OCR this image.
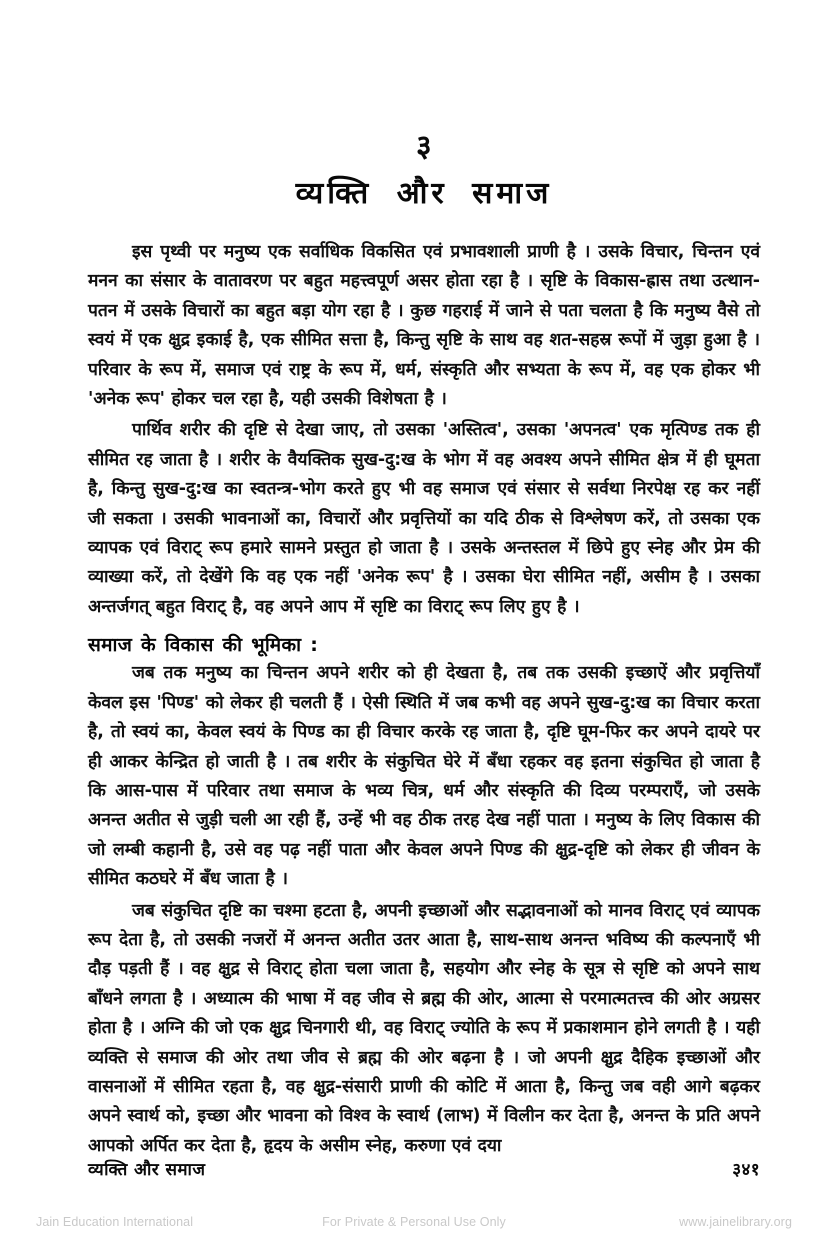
३
व्यक्ति और समाज

इस पृथ्वी पर मनुष्य एक सर्वाधिक विकसित एवं प्रभावशाली प्राणी है । उसके विचार, चिन्तन एवं मनन का संसार के वातावरण पर बहुत महत्त्वपूर्ण असर होता रहा है । सृष्टि के विकास-ह्रास तथा उत्थान-पतन में उसके विचारों का बहुत बड़ा योग रहा है । कुछ गहराई में जाने से पता चलता है कि मनुष्य वैसे तो स्वयं में एक क्षुद्र इकाई है, एक सीमित सत्ता है, किन्तु सृष्टि के साथ वह शत-सहस्र रूपों में जुड़ा हुआ है । परिवार के रूप में, समाज एवं राष्ट्र के रूप में, धर्म, संस्कृति और सभ्यता के रूप में, वह एक होकर भी 'अनेक रूप' होकर चल रहा है, यही उसकी विशेषता है ।

पार्थिव शरीर की दृष्टि से देखा जाए, तो उसका 'अस्तित्व', उसका 'अपनत्व' एक मृत्पिण्ड तक ही सीमित रह जाता है । शरीर के वैयक्तिक सुख-दु:ख के भोग में वह अवश्य अपने सीमित क्षेत्र में ही घूमता है, किन्तु सुख-दु:ख का स्वतन्त्र-भोग करते हुए भी वह समाज एवं संसार से सर्वथा निरपेक्ष रह कर नहीं जी सकता । उसकी भावनाओं का, विचारों और प्रवृत्तियों का यदि ठीक से विश्लेषण करें, तो उसका एक व्यापक एवं विराट् रूप हमारे सामने प्रस्तुत हो जाता है । उसके अन्तस्तल में छिपे हुए स्नेह और प्रेम की व्याख्या करें, तो देखेंगे कि वह एक नहीं 'अनेक रूप' है । उसका घेरा सीमित नहीं, असीम है । उसका अन्तर्जगत् बहुत विराट् है, वह अपने आप में सृष्टि का विराट् रूप लिए हुए है ।

समाज के विकास की भूमिका :

जब तक मनुष्य का चिन्तन अपने शरीर को ही देखता है, तब तक उसकी इच्छाऐं और प्रवृत्तियाँ केवल इस 'पिण्ड' को लेकर ही चलती हैं । ऐसी स्थिति में जब कभी वह अपने सुख-दु:ख का विचार करता है, तो स्वयं का, केवल स्वयं के पिण्ड का ही विचार करके रह जाता है, दृष्टि घूम-फिर कर अपने दायरे पर ही आकर केन्द्रित हो जाती है । तब शरीर के संकुचित घेरे में बँधा रहकर वह इतना संकुचित हो जाता है कि आस-पास में परिवार तथा समाज के भव्य चित्र, धर्म और संस्कृति की दिव्य परम्पराएँ, जो उसके अनन्त अतीत से जुड़ी चली आ रही हैं, उन्हें भी वह ठीक तरह देख नहीं पाता । मनुष्य के लिए विकास की जो लम्बी कहानी है, उसे वह पढ़ नहीं पाता और केवल अपने पिण्ड की क्षुद्र-दृष्टि को लेकर ही जीवन के सीमित कठघरे में बँध जाता है ।

जब संकुचित दृष्टि का चश्मा हटता है, अपनी इच्छाओं और सद्भावनाओं को मानव विराट् एवं व्यापक रूप देता है, तो उसकी नजरों में अनन्त अतीत उतर आता है, साथ-साथ अनन्त भविष्य की कल्पनाएँ भी दौड़ पड़ती हैं । वह क्षुद्र से विराट् होता चला जाता है, सहयोग और स्नेह के सूत्र से सृष्टि को अपने साथ बाँधने लगता है । अध्यात्म की भाषा में वह जीव से ब्रह्म की ओर, आत्मा से परमात्मतत्त्व की ओर अग्रसर होता है । अग्नि की जो एक क्षुद्र चिनगारी थी, वह विराट् ज्योति के रूप में प्रकाशमान होने लगती है । यही व्यक्ति से समाज की ओर तथा जीव से ब्रह्म की ओर बढ़ना है । जो अपनी क्षुद्र दैहिक इच्छाओं और वासनाओं में सीमित रहता है, वह क्षुद्र-संसारी प्राणी की कोटि में आता है, किन्तु जब वही आगे बढ़कर अपने स्वार्थ को, इच्छा और भावना को विश्व के स्वार्थ (लाभ) में विलीन कर देता है, अनन्त के प्रति अपने आपको अर्पित कर देता है, हृदय के असीम स्नेह, करुणा एवं दया

व्यक्ति और समाज	३४१
Jain Education International	For Private & Personal Use Only	www.jainelibrary.org
